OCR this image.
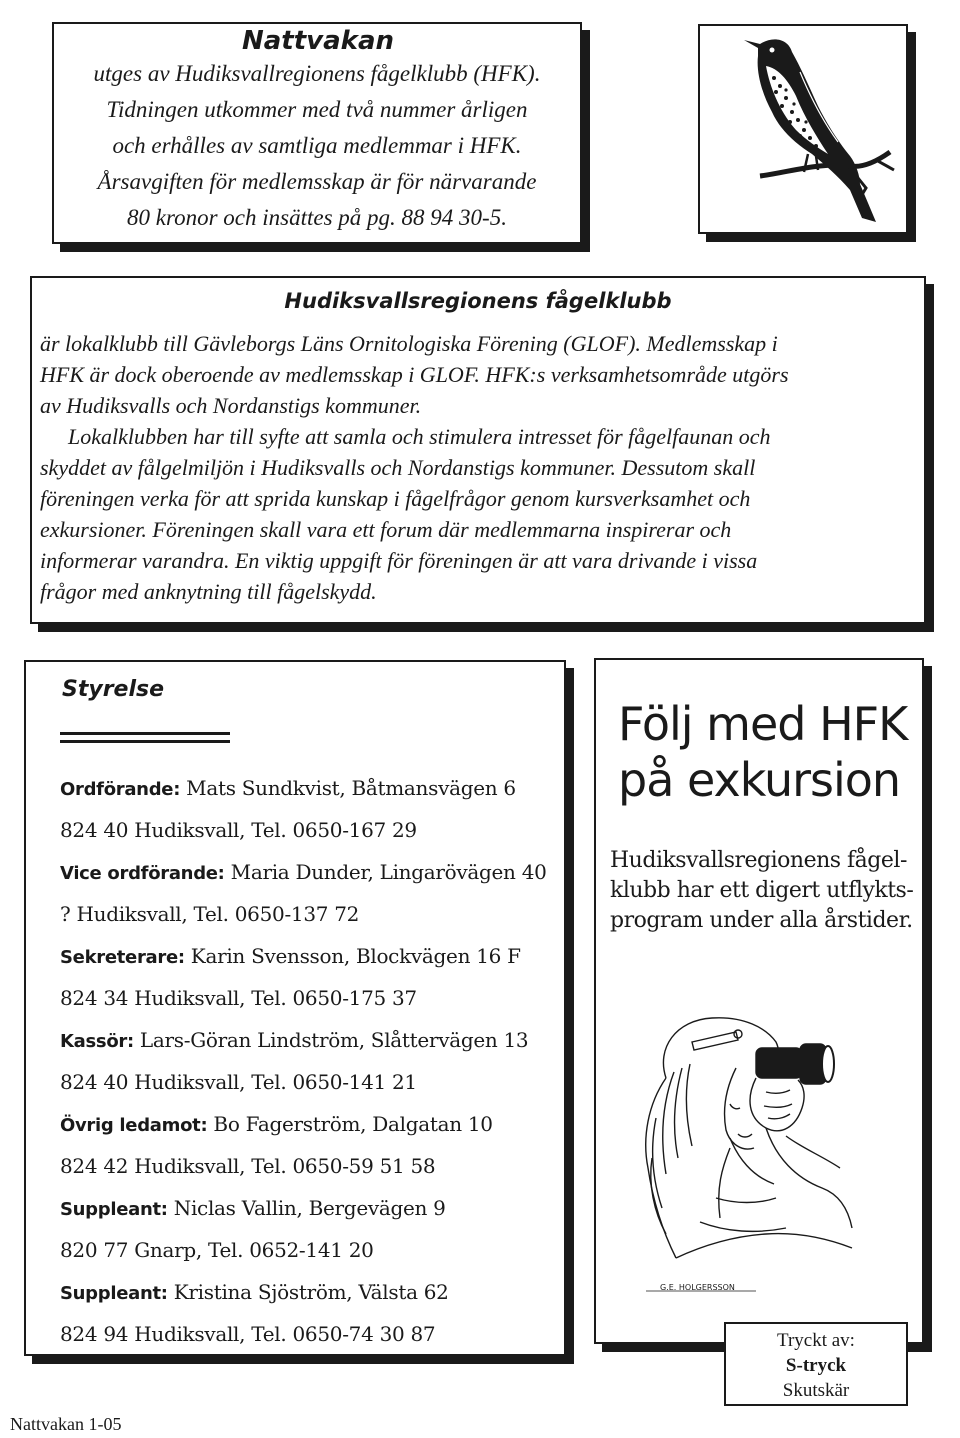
Nattvakan
utges av Hudiksvallregionens fågelklubb (HFK).
Tidningen utkommer med två nummer årligen
och erhålles av samtliga medlemmar i HFK.
Årsavgiften för medlemsskap är för närvarande
80 kronor och insättes på pg. 88 94 30-5.
Hudiksvallsregionens fågelklubb
är lokalklubb till Gävleborgs Läns Ornitologiska Förening (GLOF). Medlemsskap i
HFK är dock oberoende av medlemsskap i GLOF. HFK:s verksamhetsområde utgörs
av Hudiksvalls och Nordanstigs kommuner.
Lokalklubben har till syfte att samla och stimulera intresset för fågelfaunan och
skyddet av fålgelmiljön i Hudiksvalls och Nordanstigs kommuner. Dessutom skall
föreningen verka för att sprida kunskap i fågelfrågor genom kursverksamhet och
exkursioner. Föreningen skall vara ett forum där medlemmarna inspirerar och
informerar varandra. En viktig uppgift för föreningen är att vara drivande i vissa
frågor med anknytning till fågelskydd.
Styrelse
Ordförande: Mats Sundkvist, Båtmansvägen 6
824 40 Hudiksvall, Tel. 0650-167 29
Vice ordförande: Maria Dunder, Lingarövägen 40
? Hudiksvall, Tel. 0650-137 72
Sekreterare: Karin Svensson, Blockvägen 16 F
824 34 Hudiksvall, Tel. 0650-175 37
Kassör: Lars-Göran Lindström, Slåttervägen 13
824 40 Hudiksvall, Tel. 0650-141 21
Övrig ledamot: Bo Fagerström, Dalgatan 10
824 42 Hudiksvall, Tel. 0650-59 51 58
Suppleant: Niclas Vallin, Bergevägen 9
820 77 Gnarp, Tel. 0652-141 20
Suppleant: Kristina Sjöström, Välsta 62
824 94 Hudiksvall, Tel. 0650-74 30 87
Följ med HFK
på exkursion
Hudiksvallsregionens fågel-
klubb har ett digert utflykts-
program under alla årstider.
G.E. HOLGERSSON
Tryckt av:
S-tryck
Skutskär
Nattvakan 1-05
